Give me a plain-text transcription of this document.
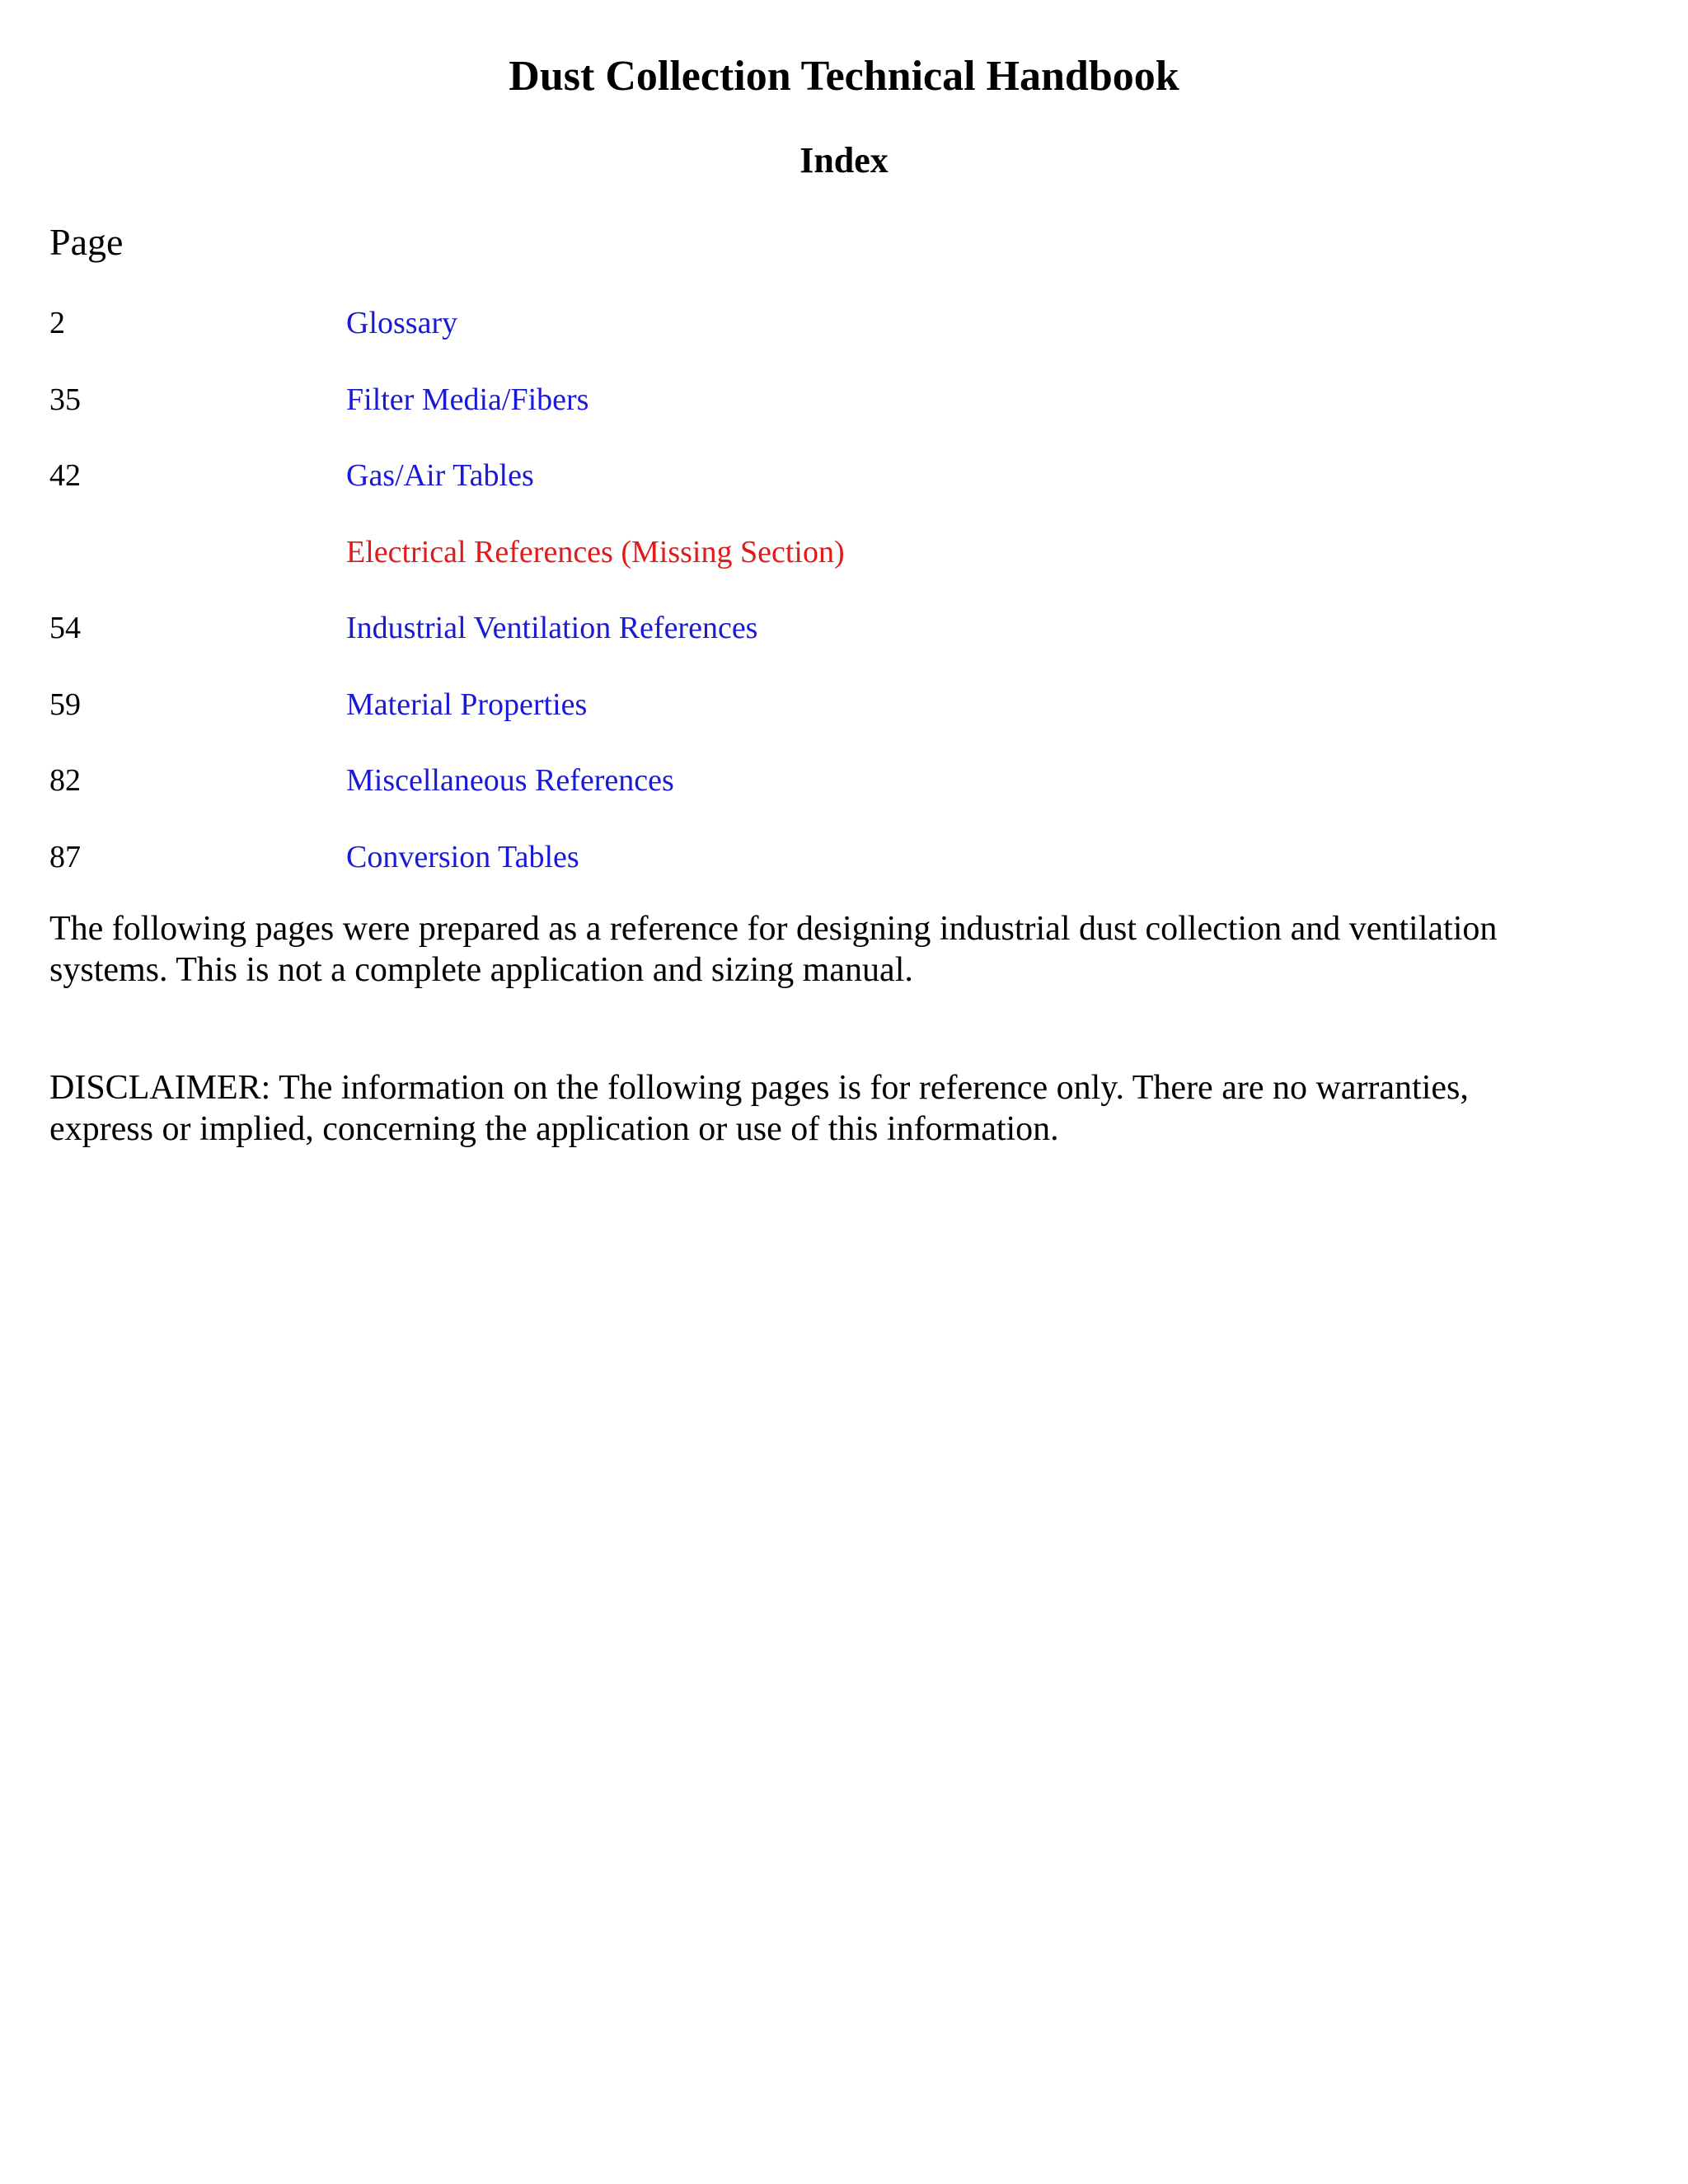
Dust Collection Technical Handbook
Index
Page
2	Glossary
35	Filter Media/Fibers
42	Gas/Air Tables
Electrical References (Missing Section)
54	Industrial Ventilation References
59	Material Properties
82	Miscellaneous References
87	Conversion Tables

The following pages were prepared as a reference for designing industrial dust collection and ventilation
systems. This is not a complete application and sizing manual.

DISCLAIMER: The information on the following pages is for reference only. There are no warranties,
express or implied, concerning the application or use of this information.
